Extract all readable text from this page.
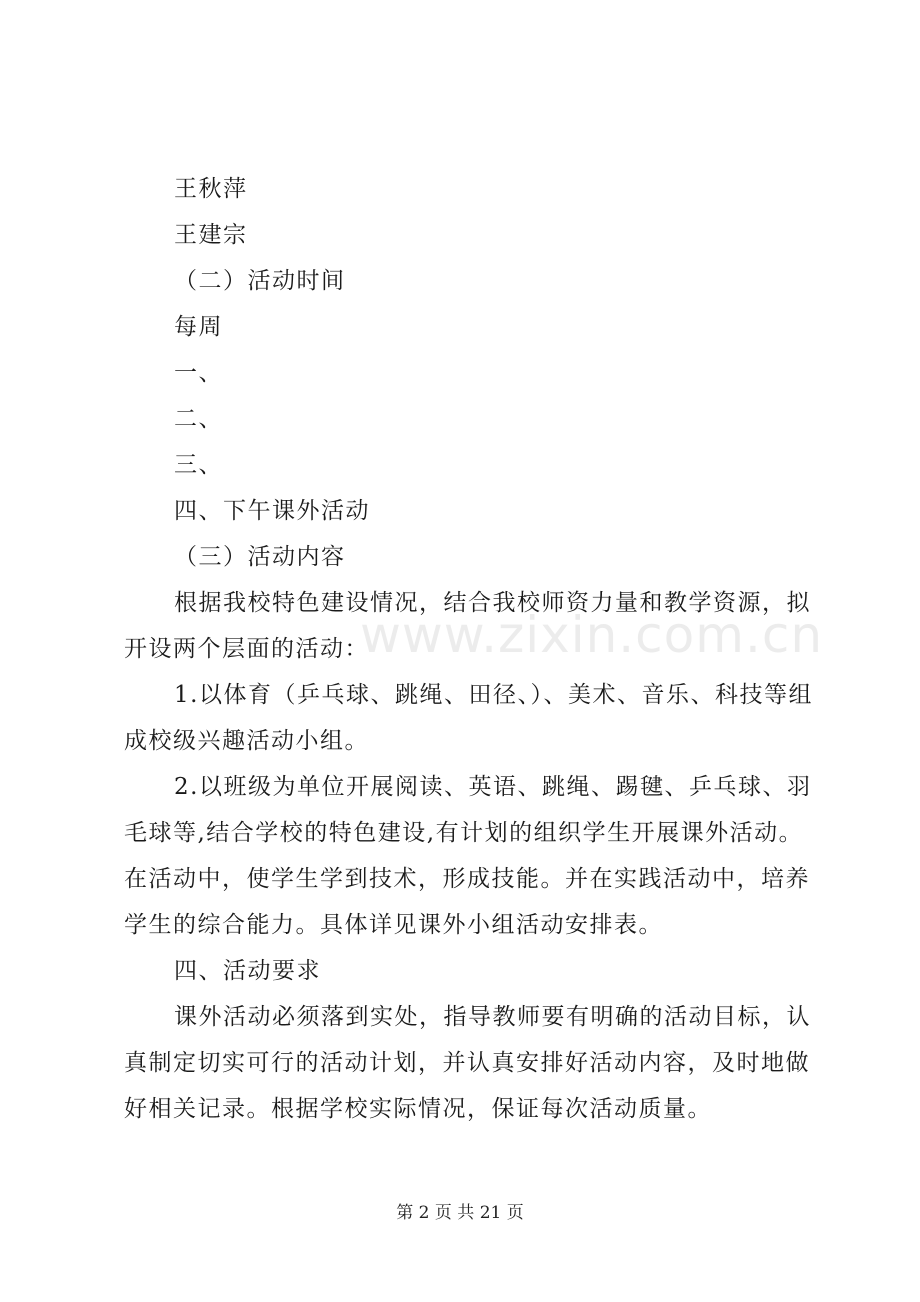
www.zixin.com.cn
王秋萍
王建宗
（二）活动时间
每周
一、
二、
三、
四、下午课外活动
（三）活动内容
根据我校特色建设情况，结合我校师资力量和教学资源，拟
开设两个层面的活动：
1.以体育（乒乓球、跳绳、田径、）、美术、音乐、科技等组
成校级兴趣活动小组。
2.以班级为单位开展阅读、英语、跳绳、踢毽、乒乓球、羽
毛球等,结合学校的特色建设,有计划的组织学生开展课外活动。
在活动中，使学生学到技术，形成技能。并在实践活动中，培养
学生的综合能力。具体详见课外小组活动安排表。
四、活动要求
课外活动必须落到实处，指导教师要有明确的活动目标，认
真制定切实可行的活动计划，并认真安排好活动内容，及时地做
好相关记录。根据学校实际情况，保证每次活动质量。
第 2 页 共 21 页
